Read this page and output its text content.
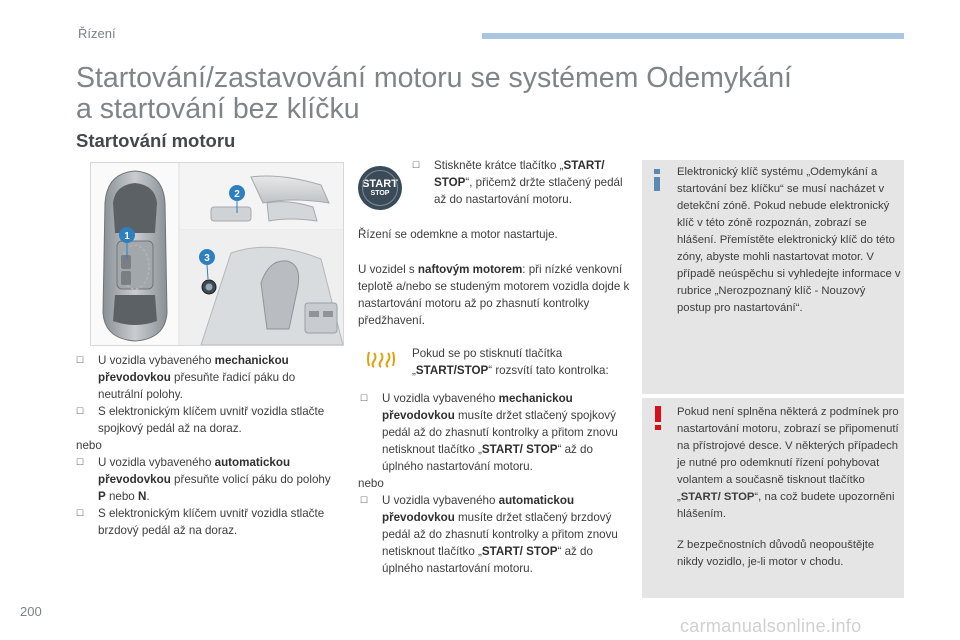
Řízení
Startování/zastavování motoru se systémem Odemykání
a startování bez klíčku
Startování motoru
1
2
3
☐ U vozidla vybaveného mechanickou převodovkou přesuňte řadicí páku do neutrální polohy.
☐ S elektronickým klíčem uvnitř vozidla stlačte spojkový pedál až na doraz.
nebo
☐ U vozidla vybaveného automatickou převodovkou přesuňte volicí páku do polohy P nebo N.
☐ S elektronickým klíčem uvnitř vozidla stlačte brzdový pedál až na doraz.
START
STOP
☐ Stiskněte krátce tlačítko „START/ STOP“, přičemž držte stlačený pedál až do nastartování motoru.
Řízení se odemkne a motor nastartuje.
U vozidel s naftovým motorem: při nízké venkovní teplotě a/nebo se studeným motorem vozidla dojde k nastartování motoru až po zhasnutí kontrolky předžhavení.
Pokud se po stisknutí tlačítka „START/STOP“ rozsvítí tato kontrolka:
☐ U vozidla vybaveného mechanickou převodovkou musíte držet stlačený spojkový pedál až do zhasnutí kontrolky a přitom znovu netisknout tlačítko „START/ STOP“ až do úplného nastartování motoru.
nebo
☐ U vozidla vybaveného automatickou převodovkou musíte držet stlačený brzdový pedál až do zhasnutí kontrolky a přitom znovu netisknout tlačítko „START/ STOP“ až do úplného nastartování motoru.
Elektronický klíč systému „Odemykání a startování bez klíčku“ se musí nacházet v detekční zóně. Pokud nebude elektronický klíč v této zóně rozpoznán, zobrazí se hlášení. Přemístěte elektronický klíč do této zóny, abyste mohli nastartovat motor. V případě neúspěchu si vyhledejte informace v rubrice „Nerozpoznaný klíč - Nouzový postup pro nastartování“.
Pokud není splněna některá z podmínek pro nastartování motoru, zobrazí se připomenutí na přístrojové desce. V některých případech je nutné pro odemknutí řízení pohybovat volantem a současně tisknout tlačítko „START/ STOP“, na což budete upozorněni hlášením.
Z bezpečnostních důvodů neopouštějte nikdy vozidlo, je-li motor v chodu.
200
carmanualsonline.info
